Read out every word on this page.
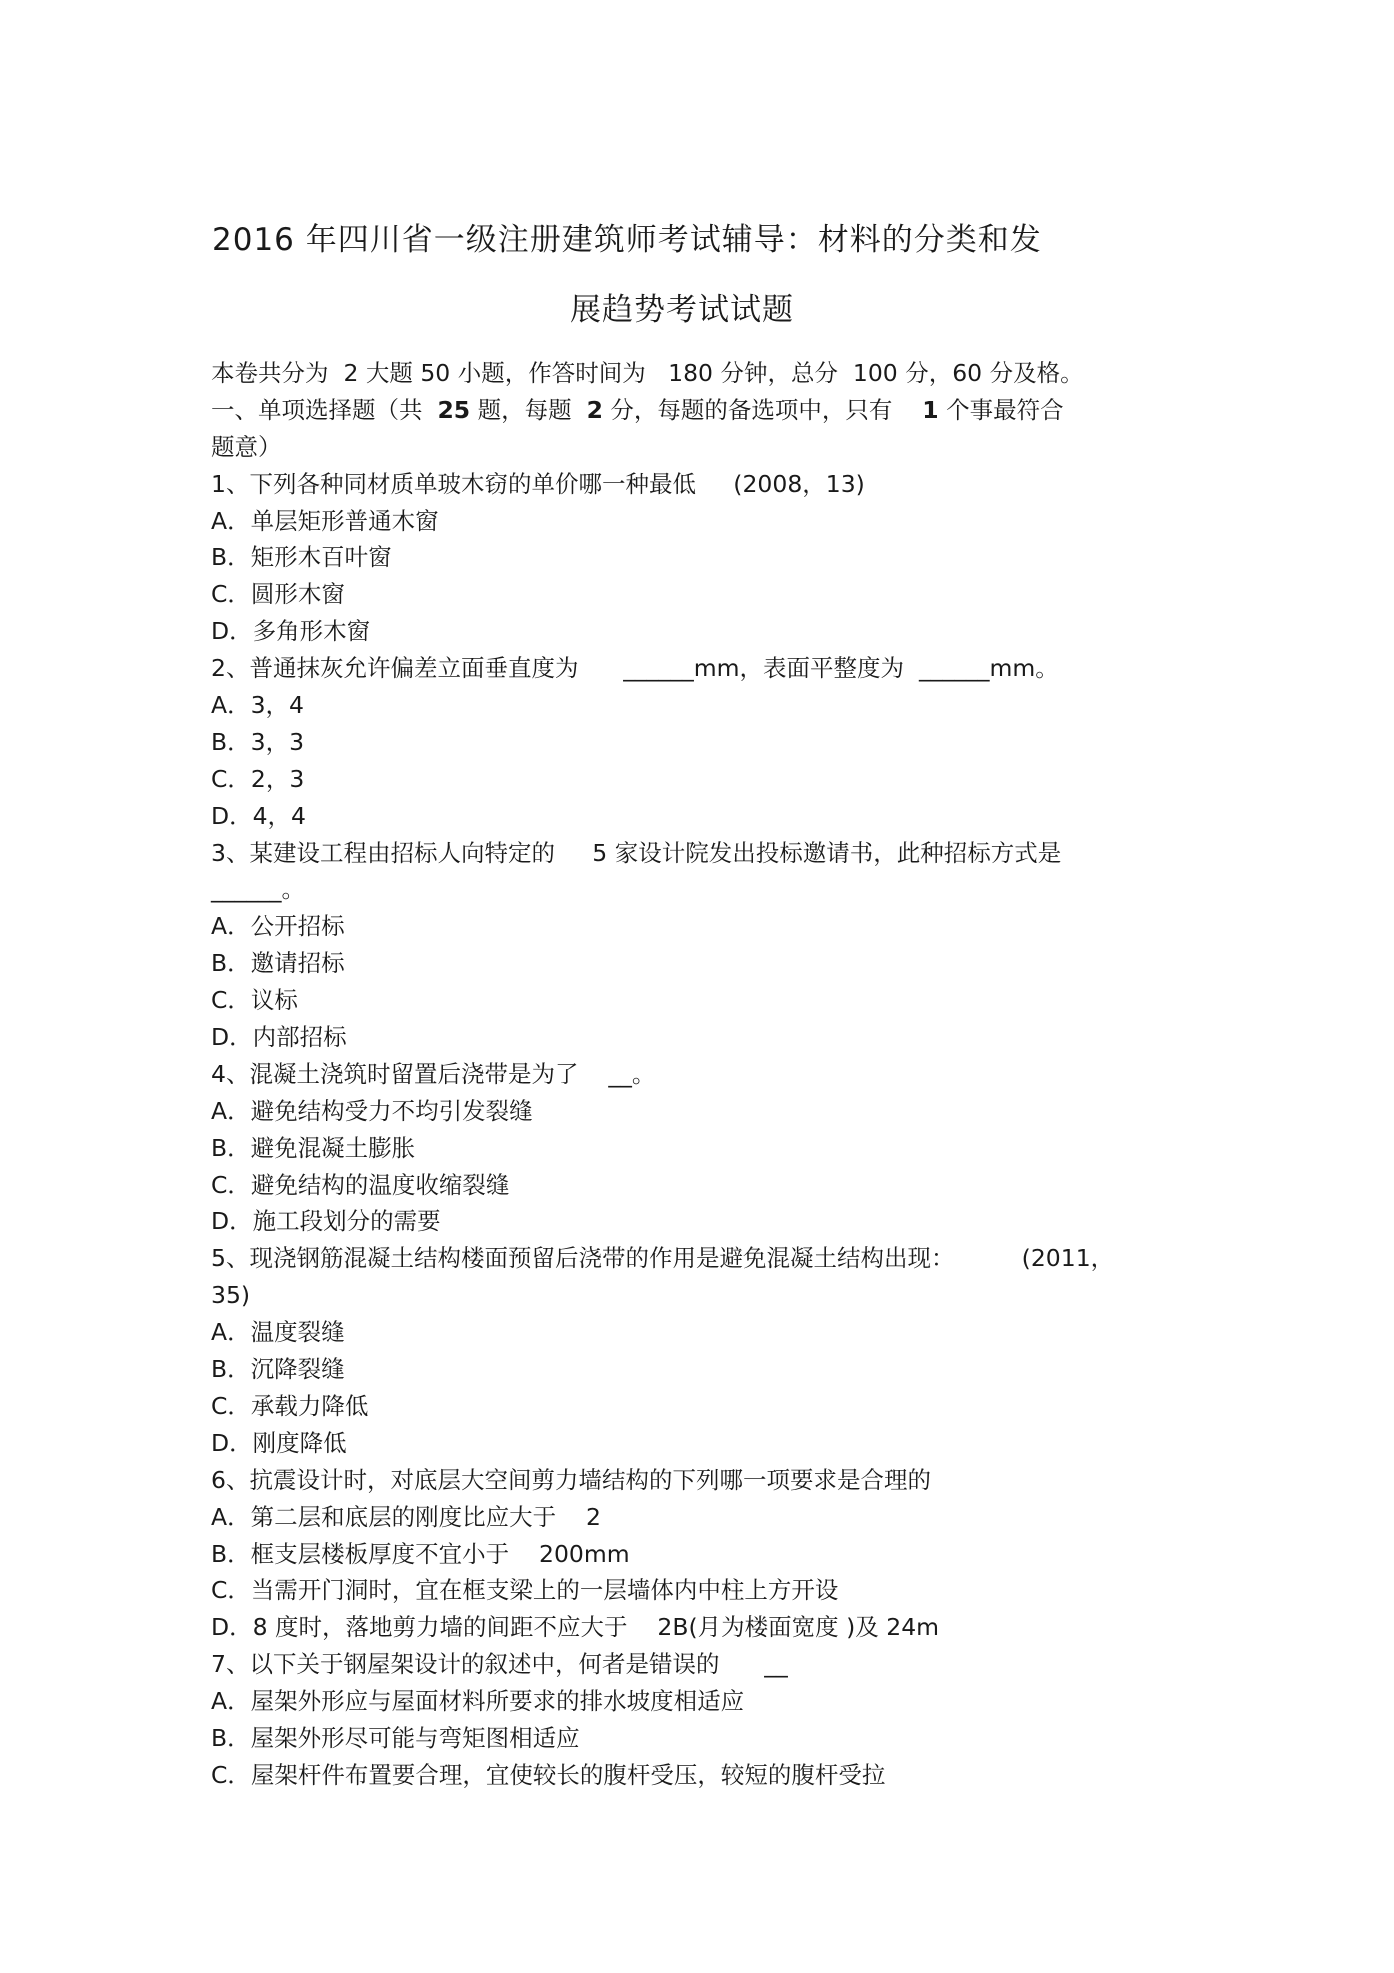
2016 年四川省一级注册建筑师考试辅导：材料的分类和发
展趋势考试试题
本卷共分为  2 大题 50 小题，作答时间为   180 分钟，总分  100 分，60 分及格。
一、单项选择题（共  25 题，每题  2 分，每题的备选项中，只有    1 个事最符合
题意）
1、下列各种同材质单玻木窃的单价哪一种最低     (2008，13)
A．单层矩形普通木窗
B．矩形木百叶窗
C．圆形木窗
D．多角形木窗
2、普通抹灰允许偏差立面垂直度为      ______mm，表面平整度为  ______mm。
A．3，4
B．3，3
C．2，3
D．4，4
3、某建设工程由招标人向特定的     5 家设计院发出投标邀请书，此种招标方式是
______。
A．公开招标
B．邀请招标
C．议标
D．内部招标
4、混凝土浇筑时留置后浇带是为了    __。
A．避免结构受力不均引发裂缝
B．避免混凝土膨胀
C．避免结构的温度收缩裂缝
D．施工段划分的需要
5、现浇钢筋混凝土结构楼面预留后浇带的作用是避免混凝土结构出现：         (2011，
35)
A．温度裂缝
B．沉降裂缝
C．承载力降低
D．刚度降低
6、抗震设计时，对底层大空间剪力墙结构的下列哪一项要求是合理的
A．第二层和底层的刚度比应大于    2
B．框支层楼板厚度不宜小于    200mm
C．当需开门洞时，宜在框支梁上的一层墙体内中柱上方开设
D．8 度时，落地剪力墙的间距不应大于    2B(月为楼面宽度 )及 24m
7、以下关于钢屋架设计的叙述中，何者是错误的      __
A．屋架外形应与屋面材料所要求的排水坡度相适应
B．屋架外形尽可能与弯矩图相适应
C．屋架杆件布置要合理，宜使较长的腹杆受压，较短的腹杆受拉
